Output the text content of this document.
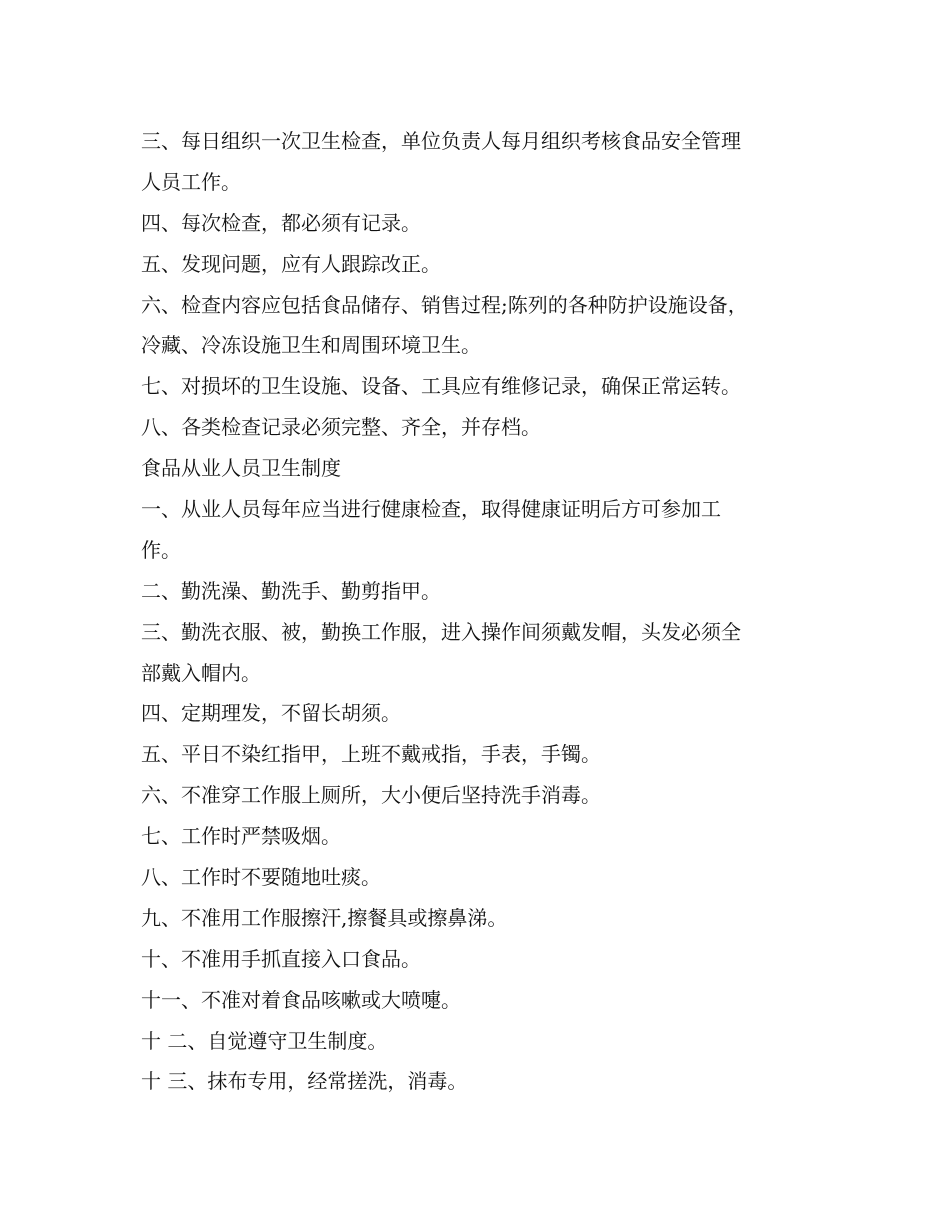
三、每日组织一次卫生检查，单位负责人每月组织考核食品安全管理

人员工作。

四、每次检查，都必须有记录。

五、发现问题，应有人跟踪改正。

六、检查内容应包括食品储存、销售过程;陈列的各种防护设施设备，

冷藏、冷冻设施卫生和周围环境卫生。

七、对损坏的卫生设施、设备、工具应有维修记录，确保正常运转。

八、各类检查记录必须完整、齐全，并存档。

食品从业人员卫生制度

一、从业人员每年应当进行健康检查，取得健康证明后方可参加工

作。

二、勤洗澡、勤洗手、勤剪指甲。

三、勤洗衣服、被，勤换工作服，进入操作间须戴发帽，头发必须全

部戴入帽内。

四、定期理发，不留长胡须。

五、平日不染红指甲，上班不戴戒指，手表，手镯。

六、不准穿工作服上厕所，大小便后坚持洗手消毒。

七、工作时严禁吸烟。

八、工作时不要随地吐痰。

九、不准用工作服擦汗,擦餐具或擦鼻涕。

十、不准用手抓直接入口食品。

十一、不准对着食品咳嗽或大喷嚏。

十 二、自觉遵守卫生制度。

十 三、抹布专用，经常搓洗，消毒。
